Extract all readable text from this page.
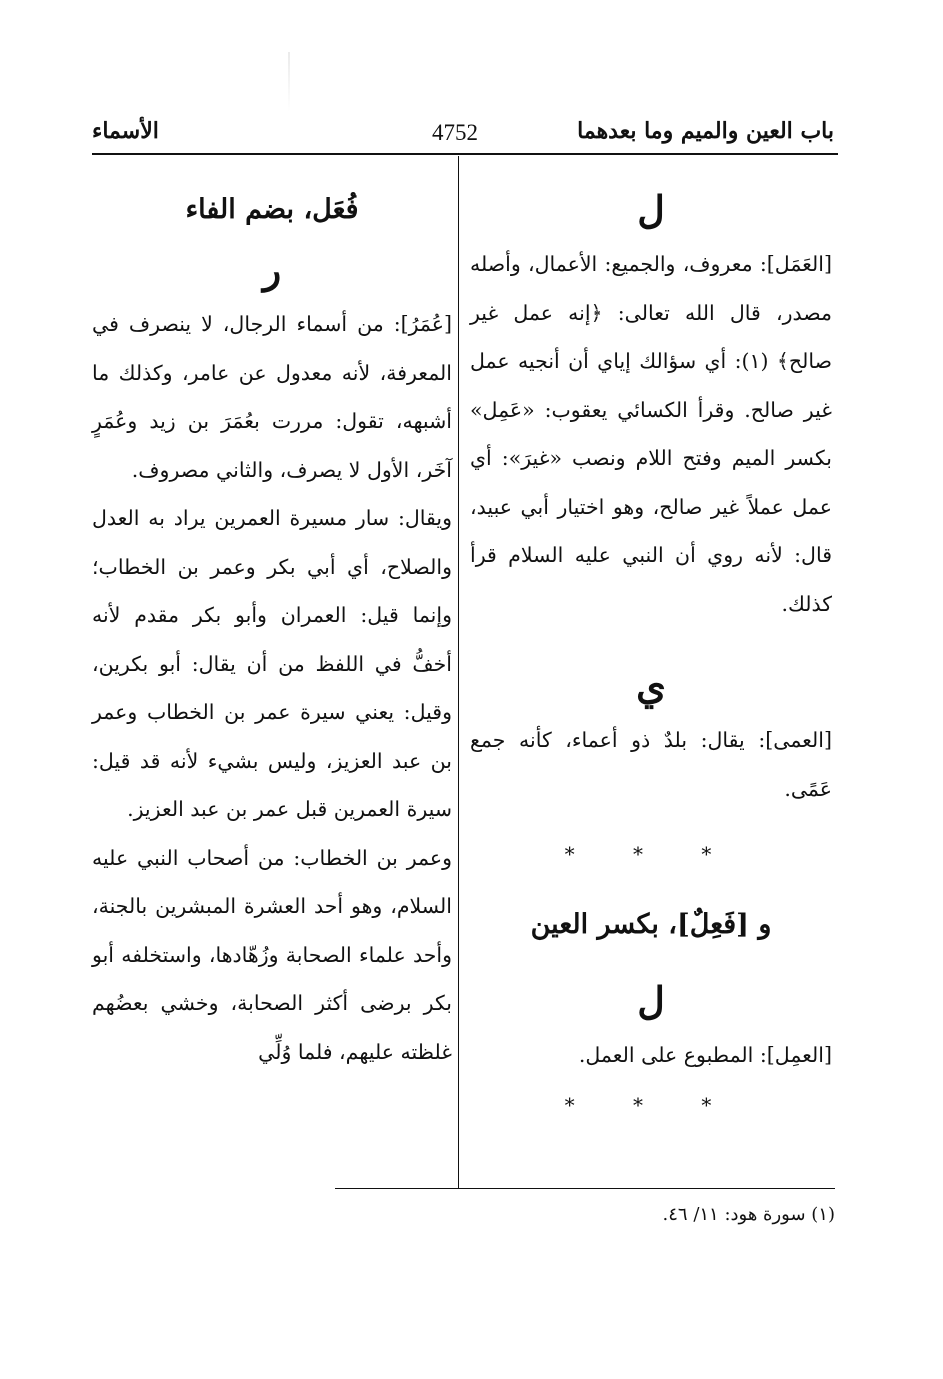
باب العين والميم وما بعدهما
4752
الأسماء

ل

[العَمَل]: معروف، والجميع: الأعمال، وأصله مصدر، قال الله تعالى: ﴿إنه عمل غير صالح﴾ (١): أي سؤالك إياي أن أنجيه عمل غير صالح. وقرأ الكسائي يعقوب: «عَمِل» بكسر الميم وفتح اللام ونصب «غيرَ»: أي عمل عملاً غير صالح، وهو اختيار أبي عبيد، قال: لأنه روي أن النبي عليه السلام قرأ كذلك.

ي

[العمى]: يقال: بلدٌ ذو أعماء، كأنه جمع عَمًى.

* * *

و [فَعِلٌ]، بكسر العين

ل

[العمِل]: المطبوع على العمل.

* * *

فُعَل، بضم الفاء

ر

[عُمَرُ]: من أسماء الرجال، لا ينصرف في المعرفة، لأنه معدول عن عامر، وكذلك ما أشبهه، تقول: مررت بعُمَرَ بن زيد وعُمَرٍ آخَر، الأول لا يصرف، والثاني مصروف.

ويقال: سار مسيرة العمرين يراد به العدل والصلاح، أي أبي بكر وعمر بن الخطاب؛ وإنما قيل: العمران وأبو بكر مقدم لأنه أخفُّ في اللفظ من أن يقال: أبو بكرين، وقيل: يعني سيرة عمر بن الخطاب وعمر بن عبد العزيز، وليس بشيء لأنه قد قيل: سيرة العمرين قبل عمر بن عبد العزيز.

وعمر بن الخطاب: من أصحاب النبي عليه السلام، وهو أحد العشرة المبشرين بالجنة، وأحد علماء الصحابة وزُهّادها، واستخلفه أبو بكر برضى أكثر الصحابة، وخشي بعضُهم غلظته عليهم، فلما وُلِّي

(١) سورة هود: ١١/ ٤٦.
